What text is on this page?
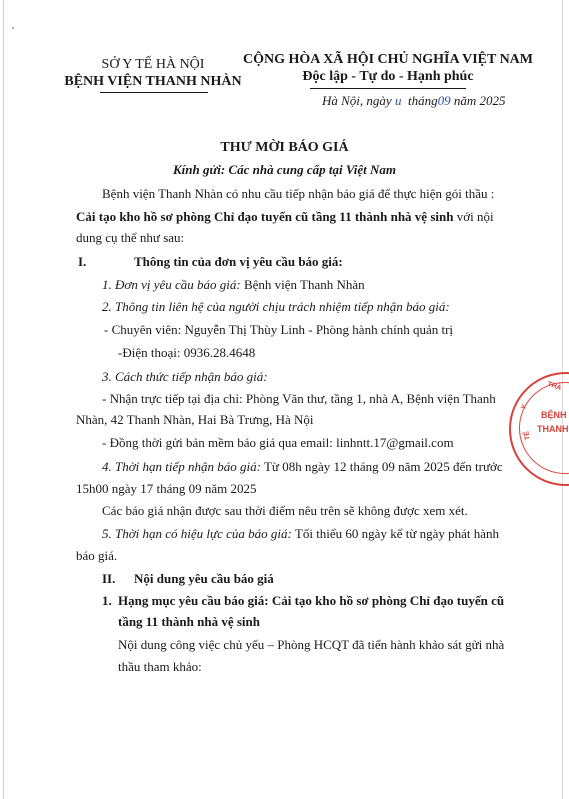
SỞ Y TẾ HÀ NỘI
BỆNH VIỆN THANH NHÀN
CỘNG HÒA XÃ HỘI CHỦ NGHĨA VIỆT NAM
Độc lập - Tự do - Hạnh phúc
Hà Nội, ngày u tháng09 năm 2025
THƯ MỜI BÁO GIÁ
Kính gửi: Các nhà cung cấp tại Việt Nam
Bệnh viện Thanh Nhàn có nhu cầu tiếp nhận báo giá để thực hiện gói thầu :
Cải tạo kho hồ sơ phòng Chỉ đạo tuyến cũ tầng 11 thành nhà vệ sinh với nội
dung cụ thể như sau:
I.	Thông tin của đơn vị yêu cầu báo giá:
1. Đơn vị yêu cầu báo giá: Bệnh viện Thanh Nhàn
2. Thông tin liên hệ của người chịu trách nhiệm tiếp nhận báo giá:
- Chuyên viên: Nguyễn Thị Thùy Linh - Phòng hành chính quản trị
-Điện thoại: 0936.28.4648
3. Cách thức tiếp nhận báo giá:
- Nhận trực tiếp tại địa chỉ: Phòng Văn thư, tầng 1, nhà A, Bệnh viện Thanh
Nhàn, 42 Thanh Nhàn, Hai Bà Trưng, Hà Nội
- Đồng thời gửi bản mềm báo giá qua email: linhntt.17@gmail.com
4. Thời hạn tiếp nhận báo giá: Từ 08h ngày 12 tháng 09 năm 2025 đến trước
15h00 ngày 17 tháng 09 năm 2025
Các báo giá nhận được sau thời điểm nêu trên sẽ không được xem xét.
5. Thời hạn có hiệu lực của báo giá: Tối thiểu 60 ngày kể từ ngày phát hành
báo giá.
II. Nội dung yêu cầu báo giá
1. Hạng mục yêu cầu báo giá: Cải tạo kho hồ sơ phòng Chỉ đạo tuyến cũ
tầng 11 thành nhà vệ sinh
Nội dung công việc chủ yếu – Phòng HCQT đã tiến hành khảo sát gửi nhà
thầu tham khảo:
BỆNH
THANH
THÀ
Y
TẾ
